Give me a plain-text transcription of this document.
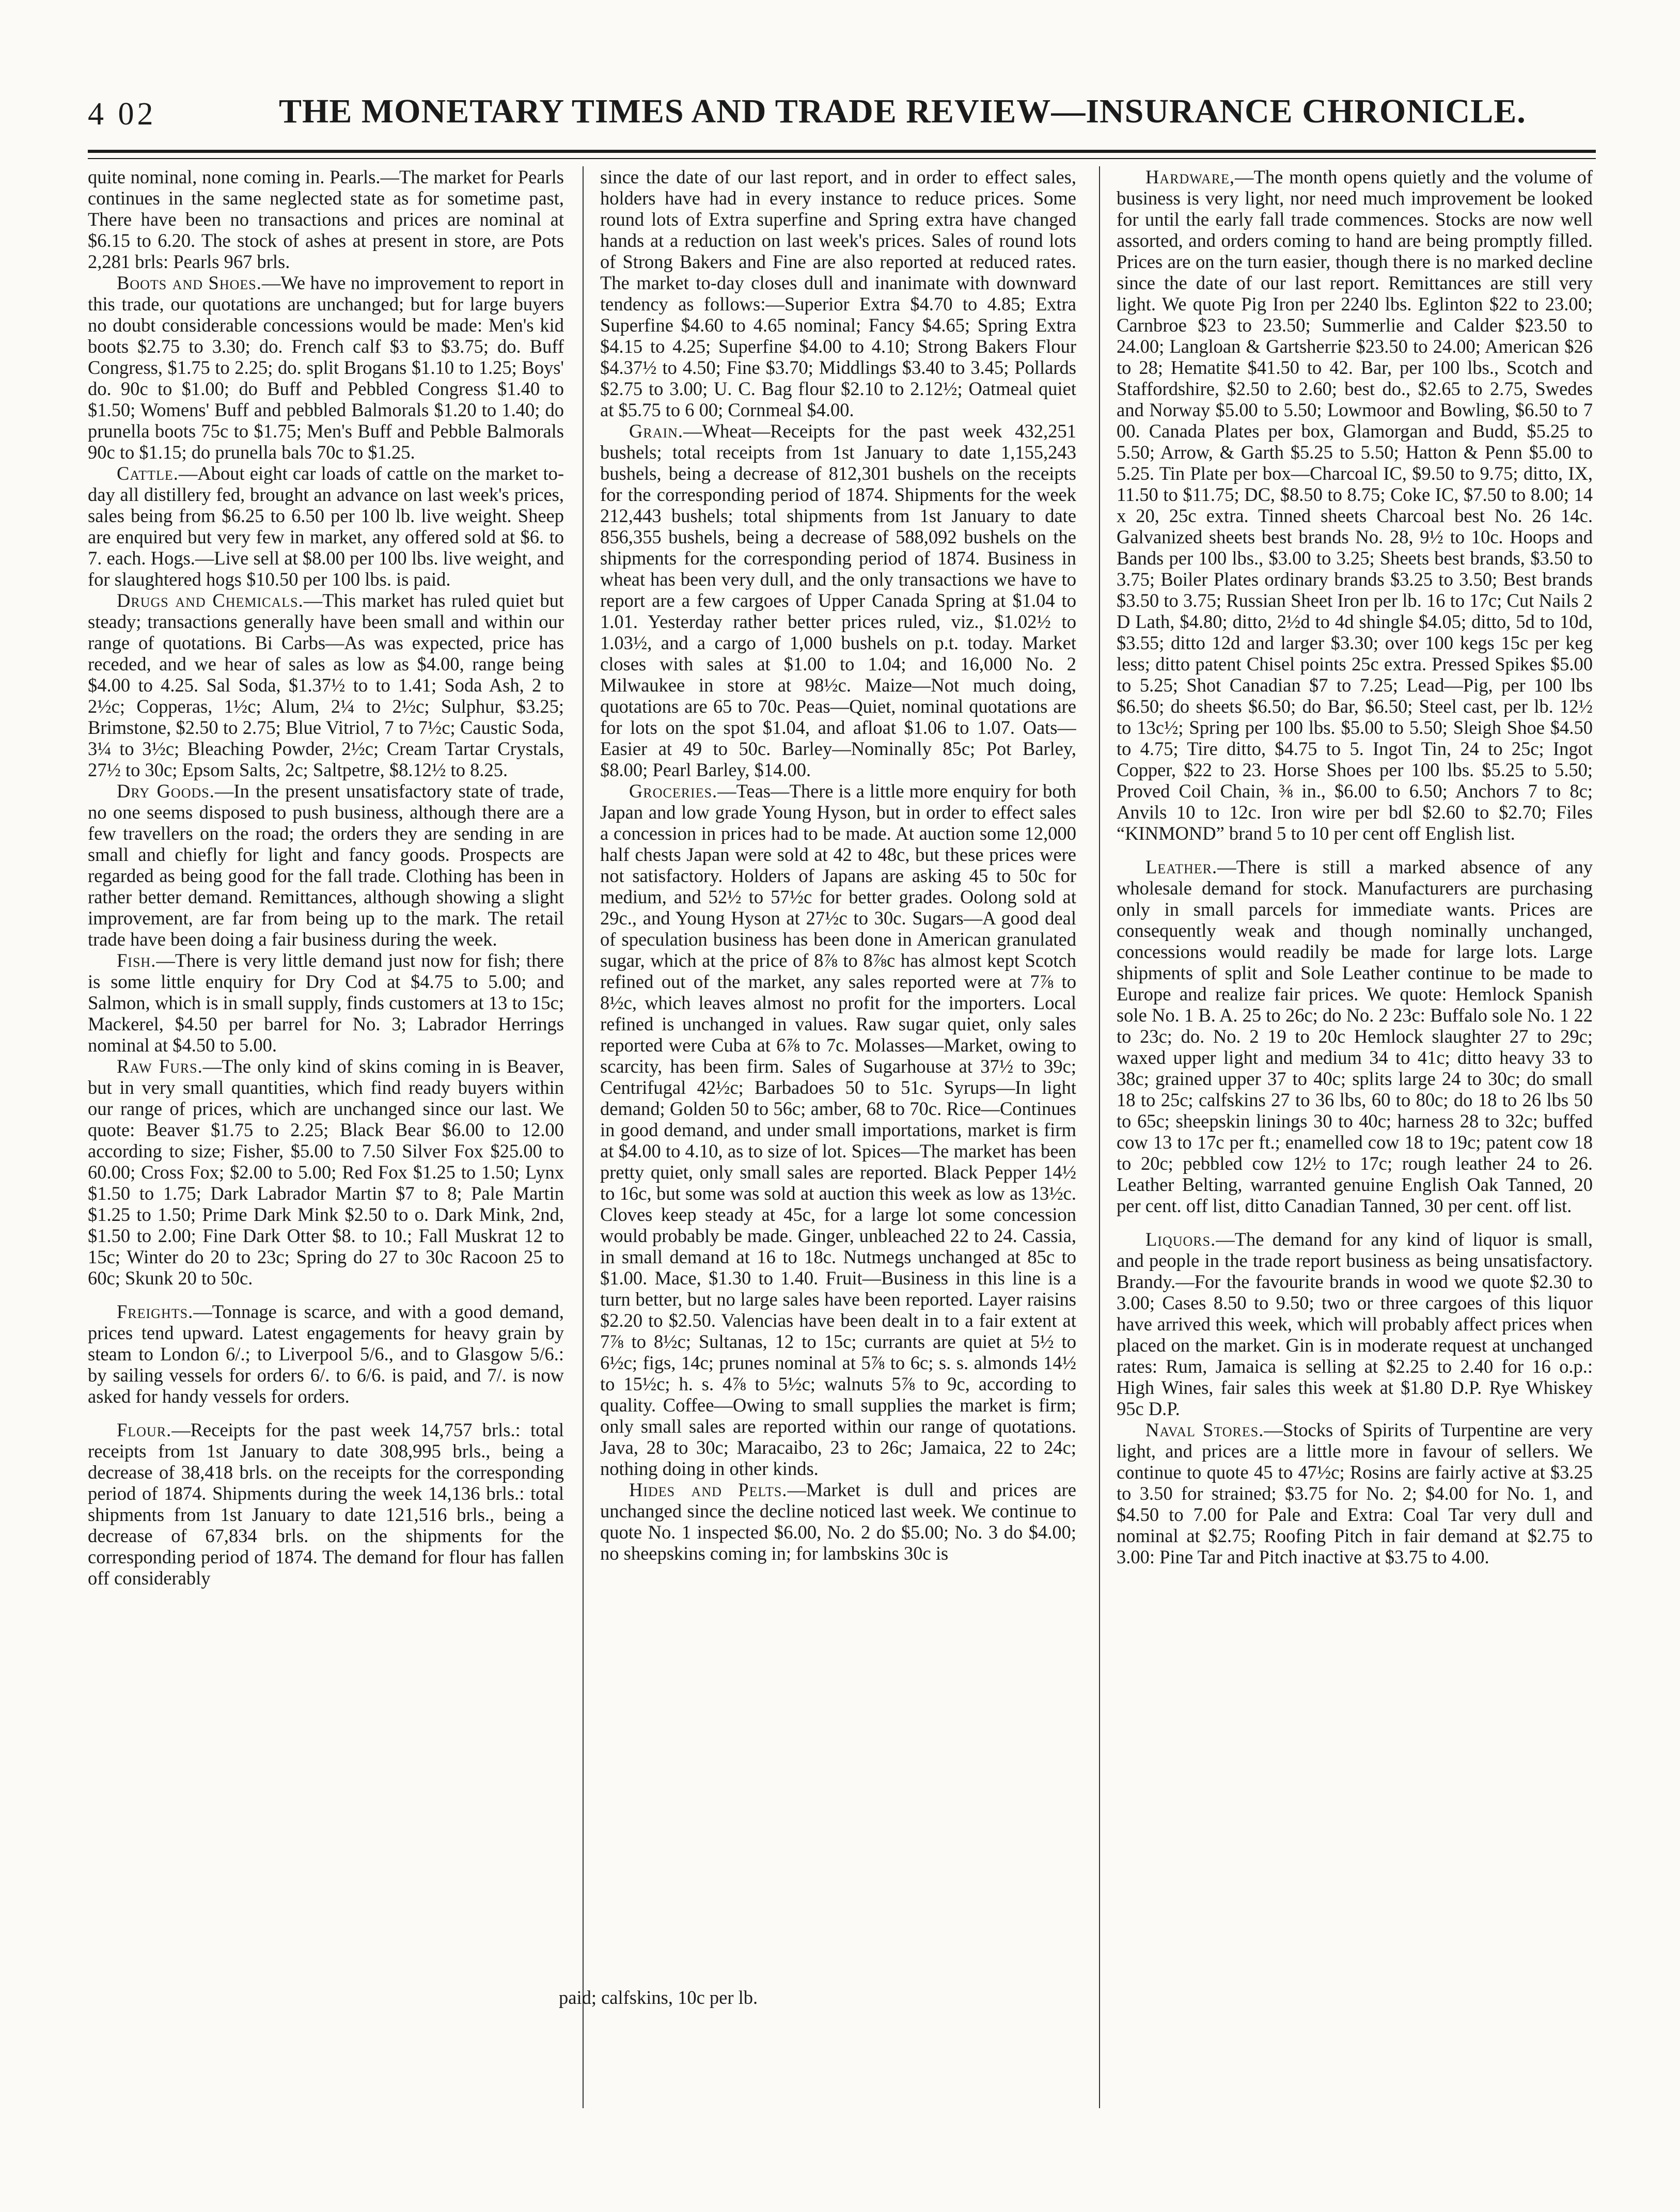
4 02	THE MONETARY TIMES AND TRADE REVIEW—INSURANCE CHRONICLE.

quite nominal, none coming in. Pearls.—The market for Pearls continues in the same neglected state as for sometime past, There have been no transactions and prices are nominal at $6.15 to 6.20. The stock of ashes at present in store, are Pots 2,281 brls: Pearls 967 brls.

Boots and Shoes.—We have no improvement to report in this trade, our quotations are unchanged; but for large buyers no doubt considerable concessions would be made: Men's kid boots $2.75 to 3.30; do. French calf $3 to $3.75; do. Buff Congress, $1.75 to 2.25; do. split Brogans $1.10 to 1.25; Boys' do. 90c to $1.00; do Buff and Pebbled Congress $1.40 to $1.50; Womens' Buff and pebbled Balmorals $1.20 to 1.40; do prunella boots 75c to $1.75; Men's Buff and Pebble Balmorals 90c to $1.15; do prunella bals 70c to $1.25.

Cattle.—About eight car loads of cattle on the market to-day all distillery fed, brought an advance on last week's prices, sales being from $6.25 to 6.50 per 100 lb. live weight. Sheep are enquired but very few in market, any offered sold at $6. to 7. each. Hogs.—Live sell at $8.00 per 100 lbs. live weight, and for slaughtered hogs $10.50 per 100 lbs. is paid.

Drugs and Chemicals.—This market has ruled quiet but steady; transactions generally have been small and within our range of quotations. Bi Carbs—As was expected, price has receded, and we hear of sales as low as $4.00, range being $4.00 to 4.25. Sal Soda, $1.37½ to to 1.41; Soda Ash, 2 to 2½c; Copperas, 1½c; Alum, 2¼ to 2½c; Sulphur, $3.25; Brimstone, $2.50 to 2.75; Blue Vitriol, 7 to 7½c; Caustic Soda, 3¼ to 3½c; Bleaching Powder, 2½c; Cream Tartar Crystals, 27½ to 30c; Epsom Salts, 2c; Saltpetre, $8.12½ to 8.25.

Dry Goods.—In the present unsatisfactory state of trade, no one seems disposed to push business, although there are a few travellers on the road; the orders they are sending in are small and chiefly for light and fancy goods. Prospects are regarded as being good for the fall trade. Clothing has been in rather better demand. Remittances, although showing a slight improvement, are far from being up to the mark. The retail trade have been doing a fair business during the week.

Fish.—There is very little demand just now for fish; there is some little enquiry for Dry Cod at $4.75 to 5.00; and Salmon, which is in small supply, finds customers at 13 to 15c; Mackerel, $4.50 per barrel for No. 3; Labrador Herrings nominal at $4.50 to 5.00.

Raw Furs.—The only kind of skins coming in is Beaver, but in very small quantities, which find ready buyers within our range of prices, which are unchanged since our last. We quote: Beaver $1.75 to 2.25; Black Bear $6.00 to 12.00 according to size; Fisher, $5.00 to 7.50 Silver Fox $25.00 to 60.00; Cross Fox; $2.00 to 5.00; Red Fox $1.25 to 1.50; Lynx $1.50 to 1.75; Dark Labrador Martin $7 to 8; Pale Martin $1.25 to 1.50; Prime Dark Mink $2.50 to o. Dark Mink, 2nd, $1.50 to 2.00; Fine Dark Otter $8. to 10.; Fall Muskrat 12 to 15c; Winter do 20 to 23c; Spring do 27 to 30c Racoon 25 to 60c; Skunk 20 to 50c.

Freights.—Tonnage is scarce, and with a good demand, prices tend upward. Latest engagements for heavy grain by steam to London 6/.; to Liverpool 5/6., and to Glasgow 5/6.: by sailing vessels for orders 6/. to 6/6. is paid, and 7/. is now asked for handy vessels for orders.

Flour.—Receipts for the past week 14,757 brls.: total receipts from 1st January to date 308,995 brls., being a decrease of 38,418 brls. on the receipts for the corresponding period of 1874. Shipments during the week 14,136 brls.: total shipments from 1st January to date 121,516 brls., being a decrease of 67,834 brls. on the shipments for the corresponding period of 1874. The demand for flour has fallen off considerably

since the date of our last report, and in order to effect sales, holders have had in every instance to reduce prices. Some round lots of Extra superfine and Spring extra have changed hands at a reduction on last week's prices. Sales of round lots of Strong Bakers and Fine are also reported at reduced rates. The market to-day closes dull and inanimate with downward tendency as follows:—Superior Extra $4.70 to 4.85; Extra Superfine $4.60 to 4.65 nominal; Fancy $4.65; Spring Extra $4.15 to 4.25; Superfine $4.00 to 4.10; Strong Bakers Flour $4.37½ to 4.50; Fine $3.70; Middlings $3.40 to 3.45; Pollards $2.75 to 3.00; U. C. Bag flour $2.10 to 2.12½; Oatmeal quiet at $5.75 to 6 00; Cornmeal $4.00.

Grain.—Wheat—Receipts for the past week 432,251 bushels; total receipts from 1st January to date 1,155,243 bushels, being a decrease of 812,301 bushels on the receipts for the corresponding period of 1874. Shipments for the week 212,443 bushels; total shipments from 1st January to date 856,355 bushels, being a decrease of 588,092 bushels on the shipments for the corresponding period of 1874. Business in wheat has been very dull, and the only transactions we have to report are a few cargoes of Upper Canada Spring at $1.04 to 1.01. Yesterday rather better prices ruled, viz., $1.02½ to 1.03½, and a cargo of 1,000 bushels on p.t. today. Market closes with sales at $1.00 to 1.04; and 16,000 No. 2 Milwaukee in store at 98½c. Maize—Not much doing, quotations are 65 to 70c. Peas—Quiet, nominal quotations are for lots on the spot $1.04, and afloat $1.06 to 1.07. Oats—Easier at 49 to 50c. Barley—Nominally 85c; Pot Barley, $8.00; Pearl Barley, $14.00.

Groceries.—Teas—There is a little more enquiry for both Japan and low grade Young Hyson, but in order to effect sales a concession in prices had to be made. At auction some 12,000 half chests Japan were sold at 42 to 48c, but these prices were not satisfactory. Holders of Japans are asking 45 to 50c for medium, and 52½ to 57½c for better grades. Oolong sold at 29c., and Young Hyson at 27½c to 30c. Sugars—A good deal of speculation business has been done in American granulated sugar, which at the price of 8⅞ to 8⅞c has almost kept Scotch refined out of the market, any sales reported were at 7⅞ to 8½c, which leaves almost no profit for the importers. Local refined is unchanged in values. Raw sugar quiet, only sales reported were Cuba at 6⅞ to 7c. Molasses—Market, owing to scarcity, has been firm. Sales of Sugarhouse at 37½ to 39c; Centrifugal 42½c; Barbadoes 50 to 51c. Syrups—In light demand; Golden 50 to 56c; amber, 68 to 70c. Rice—Continues in good demand, and under small importations, market is firm at $4.00 to 4.10, as to size of lot. Spices—The market has been pretty quiet, only small sales are reported. Black Pepper 14½ to 16c, but some was sold at auction this week as low as 13½c. Cloves keep steady at 45c, for a large lot some concession would probably be made. Ginger, unbleached 22 to 24. Cassia, in small demand at 16 to 18c. Nutmegs unchanged at 85c to $1.00. Mace, $1.30 to 1.40. Fruit—Business in this line is a turn better, but no large sales have been reported. Layer raisins $2.20 to $2.50. Valencias have been dealt in to a fair extent at 7⅞ to 8½c; Sultanas, 12 to 15c; currants are quiet at 5½ to 6½c; figs, 14c; prunes nominal at 5⅞ to 6c; s. s. almonds 14½ to 15½c; h. s. 4⅞ to 5½c; walnuts 5⅞ to 9c, according to quality. Coffee—Owing to small supplies the market is firm; only small sales are reported within our range of quotations. Java, 28 to 30c; Maracaibo, 23 to 26c; Jamaica, 22 to 24c; nothing doing in other kinds.

Hides and Pelts.—Market is dull and prices are unchanged since the decline noticed last week. We continue to quote No. 1 inspected $6.00, No. 2 do $5.00; No. 3 do $4.00; no sheepskins coming in; for lambskins 30c is

Hardware,—The month opens quietly and the volume of business is very light, nor need much improvement be looked for until the early fall trade commences. Stocks are now well assorted, and orders coming to hand are being promptly filled. Prices are on the turn easier, though there is no marked decline since the date of our last report. Remittances are still very light. We quote Pig Iron per 2240 lbs. Eglinton $22 to 23.00; Carnbroe $23 to 23.50; Summerlie and Calder $23.50 to 24.00; Langloan & Gartsherrie $23.50 to 24.00; American $26 to 28; Hematite $41.50 to 42. Bar, per 100 lbs., Scotch and Staffordshire, $2.50 to 2.60; best do., $2.65 to 2.75, Swedes and Norway $5.00 to 5.50; Lowmoor and Bowling, $6.50 to 7 00. Canada Plates per box, Glamorgan and Budd, $5.25 to 5.50; Arrow, & Garth $5.25 to 5.50; Hatton & Penn $5.00 to 5.25. Tin Plate per box—Charcoal IC, $9.50 to 9.75; ditto, IX, 11.50 to $11.75; DC, $8.50 to 8.75; Coke IC, $7.50 to 8.00; 14 x 20, 25c extra. Tinned sheets Charcoal best No. 26 14c. Galvanized sheets best brands No. 28, 9½ to 10c. Hoops and Bands per 100 lbs., $3.00 to 3.25; Sheets best brands, $3.50 to 3.75; Boiler Plates ordinary brands $3.25 to 3.50; Best brands $3.50 to 3.75; Russian Sheet Iron per lb. 16 to 17c; Cut Nails 2 D Lath, $4.80; ditto, 2½d to 4d shingle $4.05; ditto, 5d to 10d, $3.55; ditto 12d and larger $3.30; over 100 kegs 15c per keg less; ditto patent Chisel points 25c extra. Pressed Spikes $5.00 to 5.25; Shot Canadian $7 to 7.25; Lead—Pig, per 100 lbs $6.50; do sheets $6.50; do Bar, $6.50; Steel cast, per lb. 12½ to 13c½; Spring per 100 lbs. $5.00 to 5.50; Sleigh Shoe $4.50 to 4.75; Tire ditto, $4.75 to 5. Ingot Tin, 24 to 25c; Ingot Copper, $22 to 23. Horse Shoes per 100 lbs. $5.25 to 5.50; Proved Coil Chain, ⅜ in., $6.00 to 6.50; Anchors 7 to 8c; Anvils 10 to 12c. Iron wire per bdl $2.60 to $2.70; Files “KINMOND” brand 5 to 10 per cent off English list.

Leather.—There is still a marked absence of any wholesale demand for stock. Manufacturers are purchasing only in small parcels for immediate wants. Prices are consequently weak and though nominally unchanged, concessions would readily be made for large lots. Large shipments of split and Sole Leather continue to be made to Europe and realize fair prices. We quote: Hemlock Spanish sole No. 1 B. A. 25 to 26c; do No. 2 23c: Buffalo sole No. 1 22 to 23c; do. No. 2 19 to 20c Hemlock slaughter 27 to 29c; waxed upper light and medium 34 to 41c; ditto heavy 33 to 38c; grained upper 37 to 40c; splits large 24 to 30c; do small 18 to 25c; calfskins 27 to 36 lbs, 60 to 80c; do 18 to 26 lbs 50 to 65c; sheepskin linings 30 to 40c; harness 28 to 32c; buffed cow 13 to 17c per ft.; enamelled cow 18 to 19c; patent cow 18 to 20c; pebbled cow 12½ to 17c; rough leather 24 to 26. Leather Belting, warranted genuine English Oak Tanned, 20 per cent. off list, ditto Canadian Tanned, 30 per cent. off list.

Liquors.—The demand for any kind of liquor is small, and people in the trade report business as being unsatisfactory. Brandy.—For the favourite brands in wood we quote $2.30 to 3.00; Cases 8.50 to 9.50; two or three cargoes of this liquor have arrived this week, which will probably affect prices when placed on the market. Gin is in moderate request at unchanged rates: Rum, Jamaica is selling at $2.25 to 2.40 for 16 o.p.: High Wines, fair sales this week at $1.80 D.P. Rye Whiskey 95c D.P.

Naval Stores.—Stocks of Spirits of Turpentine are very light, and prices are a little more in favour of sellers. We continue to quote 45 to 47½c; Rosins are fairly active at $3.25 to 3.50 for strained; $3.75 for No. 2; $4.00 for No. 1, and $4.50 to 7.00 for Pale and Extra: Coal Tar very dull and nominal at $2.75; Roofing Pitch in fair demand at $2.75 to 3.00: Pine Tar and Pitch inactive at $3.75 to 4.00.

paid; calfskins, 10c per lb.
